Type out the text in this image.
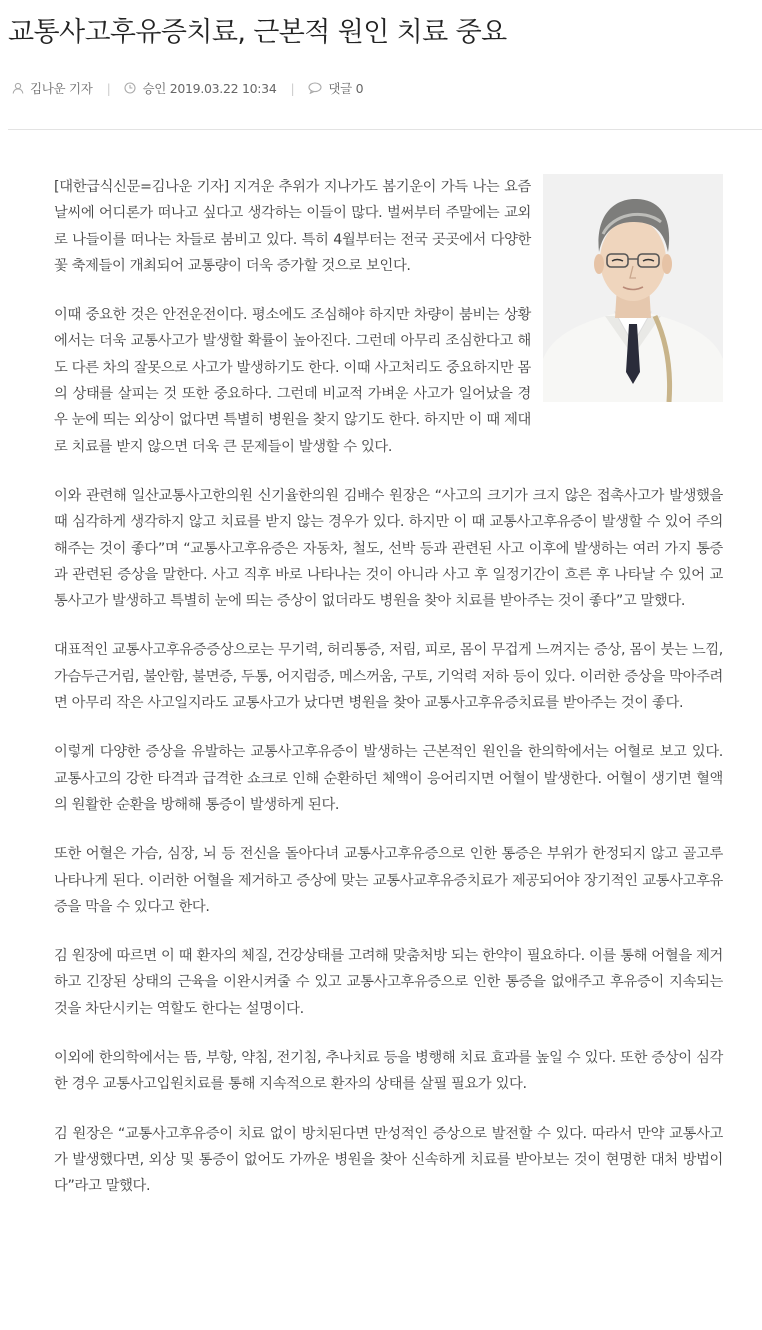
교통사고후유증치료, 근본적 원인 치료 중요
김나운 기자 |	승인 2019.03.22 10:34 |	댓글 0

[대한급식신문=김나운 기자] 지겨운 추위가 지나가도 봄기운이 가득 나는 요즘 날씨에 어디론가 떠나고 싶다고 생각하는 이들이 많다. 벌써부터 주말에는 교외로 나들이를 떠나는 차들로 붐비고 있다. 특히 4월부터는 전국 곳곳에서 다양한 꽃 축제들이 개최되어 교통량이 더욱 증가할 것으로 보인다.

이때 중요한 것은 안전운전이다. 평소에도 조심해야 하지만 차량이 붐비는 상황에서는 더욱 교통사고가 발생할 확률이 높아진다. 그런데 아무리 조심한다고 해도 다른 차의 잘못으로 사고가 발생하기도 한다. 이때 사고처리도 중요하지만 몸의 상태를 살피는 것 또한 중요하다. 그런데 비교적 가벼운 사고가 일어났을 경우 눈에 띄는 외상이 없다면 특별히 병원을 찾지 않기도 한다. 하지만 이 때 제대로 치료를 받지 않으면 더욱 큰 문제들이 발생할 수 있다.

이와 관련해 일산교통사고한의원 신기율한의원 김배수 원장은 “사고의 크기가 크지 않은 접촉사고가 발생했을 때 심각하게 생각하지 않고 치료를 받지 않는 경우가 있다. 하지만 이 때 교통사고후유증이 발생할 수 있어 주의해주는 것이 좋다”며 “교통사고후유증은 자동차, 철도, 선박 등과 관련된 사고 이후에 발생하는 여러 가지 통증과 관련된 증상을 말한다. 사고 직후 바로 나타나는 것이 아니라 사고 후 일정기간이 흐른 후 나타날 수 있어 교통사고가 발생하고 특별히 눈에 띄는 증상이 없더라도 병원을 찾아 치료를 받아주는 것이 좋다”고 말했다.

대표적인 교통사고후유증증상으로는 무기력, 허리통증, 저림, 피로, 몸이 무겁게 느껴지는 증상, 몸이 붓는 느낌, 가슴두근거림, 불안함, 불면증, 두통, 어지럼증, 메스꺼움, 구토, 기억력 저하 등이 있다. 이러한 증상을 막아주려면 아무리 작은 사고일지라도 교통사고가 났다면 병원을 찾아 교통사고후유증치료를 받아주는 것이 좋다.

이렇게 다양한 증상을 유발하는 교통사고후유증이 발생하는 근본적인 원인을 한의학에서는 어혈로 보고 있다. 교통사고의 강한 타격과 급격한 쇼크로 인해 순환하던 체액이 응어리지면 어혈이 발생한다. 어혈이 생기면 혈액의 원활한 순환을 방해해 통증이 발생하게 된다.

또한 어혈은 가슴, 심장, 뇌 등 전신을 돌아다녀 교통사고후유증으로 인한 통증은 부위가 한정되지 않고 골고루 나타나게 된다. 이러한 어혈을 제거하고 증상에 맞는 교통사교후유증치료가 제공되어야 장기적인 교통사고후유증을 막을 수 있다고 한다.

김 원장에 따르면 이 때 환자의 체질, 건강상태를 고려해 맞춤처방 되는 한약이 필요하다. 이를 통해 어혈을 제거하고 긴장된 상태의 근육을 이완시켜줄 수 있고 교통사고후유증으로 인한 통증을 없애주고 후유증이 지속되는 것을 차단시키는 역할도 한다는 설명이다.

이외에 한의학에서는 뜸, 부항, 약침, 전기침, 추나치료 등을 병행해 치료 효과를 높일 수 있다. 또한 증상이 심각한 경우 교통사고입원치료를 통해 지속적으로 환자의 상태를 살필 필요가 있다.

김 원장은 “교통사고후유증이 치료 없이 방치된다면 만성적인 증상으로 발전할 수 있다. 따라서 만약 교통사고가 발생했다면, 외상 및 통증이 없어도 가까운 병원을 찾아 신속하게 치료를 받아보는 것이 현명한 대처 방법이다”라고 말했다.
